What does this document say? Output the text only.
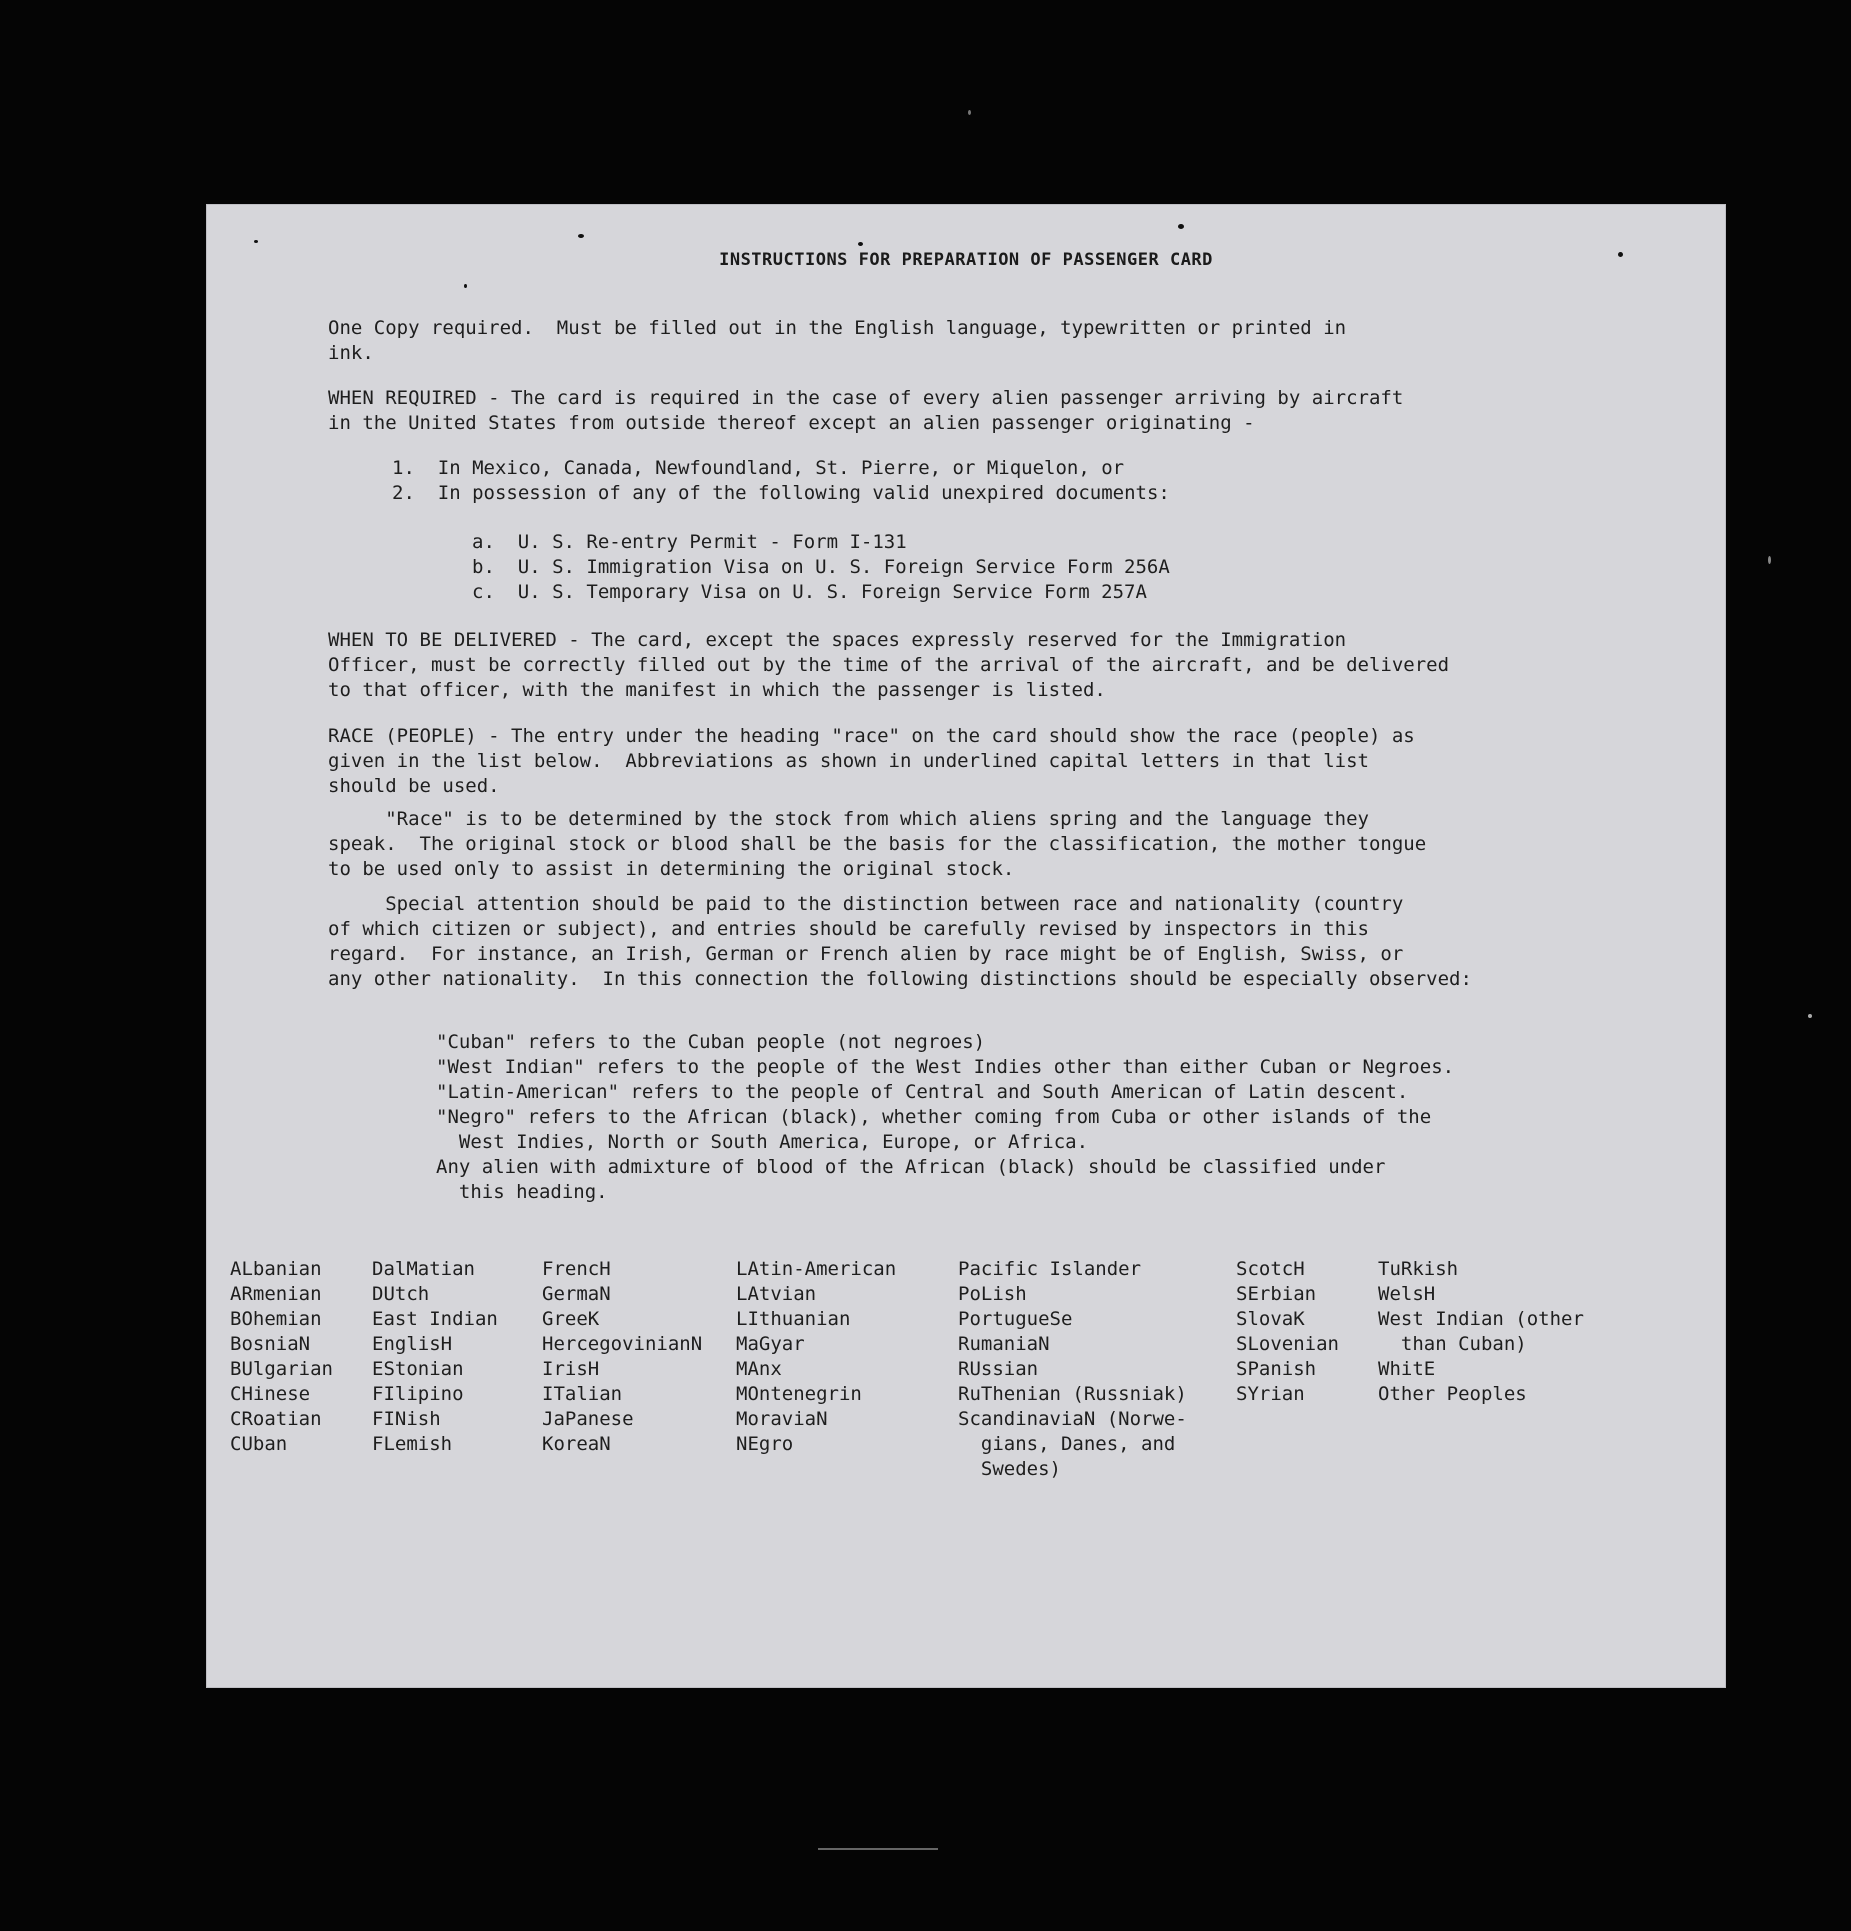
INSTRUCTIONS FOR PREPARATION OF PASSENGER CARD
One Copy required.  Must be filled out in the English language, typewritten or printed in
ink.
WHEN REQUIRED - The card is required in the case of every alien passenger arriving by aircraft
in the United States from outside thereof except an alien passenger originating -
1.  In Mexico, Canada, Newfoundland, St. Pierre, or Miquelon, or
2.  In possession of any of the following valid unexpired documents:
a.  U. S. Re-entry Permit - Form I-131
b.  U. S. Immigration Visa on U. S. Foreign Service Form 256A
c.  U. S. Temporary Visa on U. S. Foreign Service Form 257A
WHEN TO BE DELIVERED - The card, except the spaces expressly reserved for the Immigration
Officer, must be correctly filled out by the time of the arrival of the aircraft, and be delivered
to that officer, with the manifest in which the passenger is listed.
RACE (PEOPLE) - The entry under the heading "race" on the card should show the race (people) as
given in the list below.  Abbreviations as shown in underlined capital letters in that list
should be used.
"Race" is to be determined by the stock from which aliens spring and the language they
speak.  The original stock or blood shall be the basis for the classification, the mother tongue
to be used only to assist in determining the original stock.
Special attention should be paid to the distinction between race and nationality (country
of which citizen or subject), and entries should be carefully revised by inspectors in this
regard.  For instance, an Irish, German or French alien by race might be of English, Swiss, or
any other nationality.  In this connection the following distinctions should be especially observed:
"Cuban" refers to the Cuban people (not negroes)
"West Indian" refers to the people of the West Indies other than either Cuban or Negroes.
"Latin-American" refers to the people of Central and South American of Latin descent.
"Negro" refers to the African (black), whether coming from Cuba or other islands of the
West Indies, North or South America, Europe, or Africa.
Any alien with admixture of blood of the African (black) should be classified under
this heading.
ALbanian
ARmenian
BOhemian
BosniaN
BUlgarian
CHinese
CRoatian
CUban
DalMatian
DUtch
East Indian
EnglisH
EStonian
FIlipino
FINish
FLemish
FrencH
GermaN
GreeK
HercegovinianN
IrisH
ITalian
JaPanese
KoreaN
LAtin-American
LAtvian
LIthuanian
MaGyar
MAnx
MOntenegrin
MoraviaN
NEgro
Pacific Islander
PoLish
PortugueSe
RumaniaN
RUssian
RuThenian (Russniak)
ScandinaviaN (Norwe-
gians, Danes, and
Swedes)
ScotcH
SErbian
SlovaK
SLovenian
SPanish
SYrian
TuRkish
WelsH
West Indian (other
than Cuban)
WhitE
Other Peoples
